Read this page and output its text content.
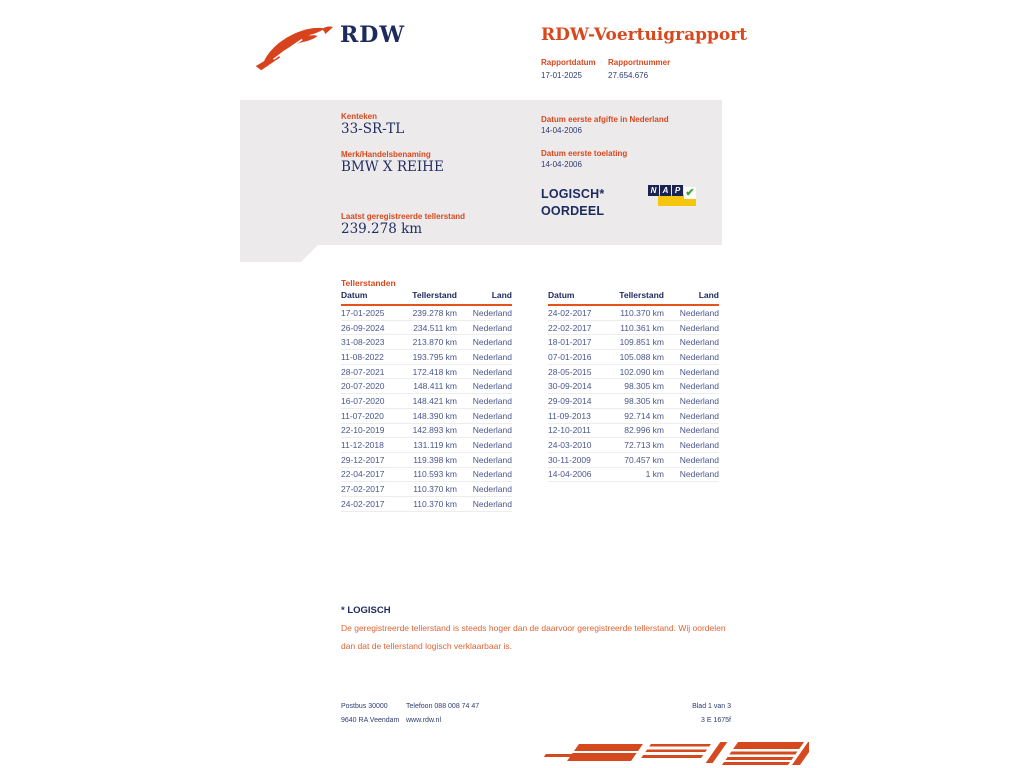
RDW	RDW-Voertuigrapport
Rapportdatum
17-01-2025
Rapportnummer
27.654.676
Kenteken
33-SR-TL
Merk/Handelsbenaming
BMW X REIHE
Laatst geregistreerde tellerstand
239.278 km
Datum eerste afgifte in Nederland
14-04-2006
Datum eerste toelating
14-04-2006
LOGISCH*
OORDEEL
N A P ✔
Tellerstanden
Datum	Tellerstand	Land
17-01-2025	239.278 km	Nederland
26-09-2024	234.511 km	Nederland
31-08-2023	213.870 km	Nederland
11-08-2022	193.795 km	Nederland
28-07-2021	172.418 km	Nederland
20-07-2020	148.411 km	Nederland
16-07-2020	148.421 km	Nederland
11-07-2020	148.390 km	Nederland
22-10-2019	142.893 km	Nederland
11-12-2018	131.119 km	Nederland
29-12-2017	119.398 km	Nederland
22-04-2017	110.593 km	Nederland
27-02-2017	110.370 km	Nederland
24-02-2017	110.370 km	Nederland
Datum	Tellerstand	Land
24-02-2017	110.370 km	Nederland
22-02-2017	110.361 km	Nederland
18-01-2017	109.851 km	Nederland
07-01-2016	105.088 km	Nederland
28-05-2015	102.090 km	Nederland
30-09-2014	98.305 km	Nederland
29-09-2014	98.305 km	Nederland
11-09-2013	92.714 km	Nederland
12-10-2011	82.996 km	Nederland
24-03-2010	72.713 km	Nederland
30-11-2009	70.457 km	Nederland
14-04-2006	1 km	Nederland
* LOGISCH

De geregistreerde tellerstand is steeds hoger dan de daarvoor geregistreerde tellerstand. Wij oordelen dan dat de tellerstand logisch verklaarbaar is.

Postbus 30000
9640 RA Veendam
Telefoon 088 008 74 47
www.rdw.nl
Blad 1 van 3
3 E 1675f
